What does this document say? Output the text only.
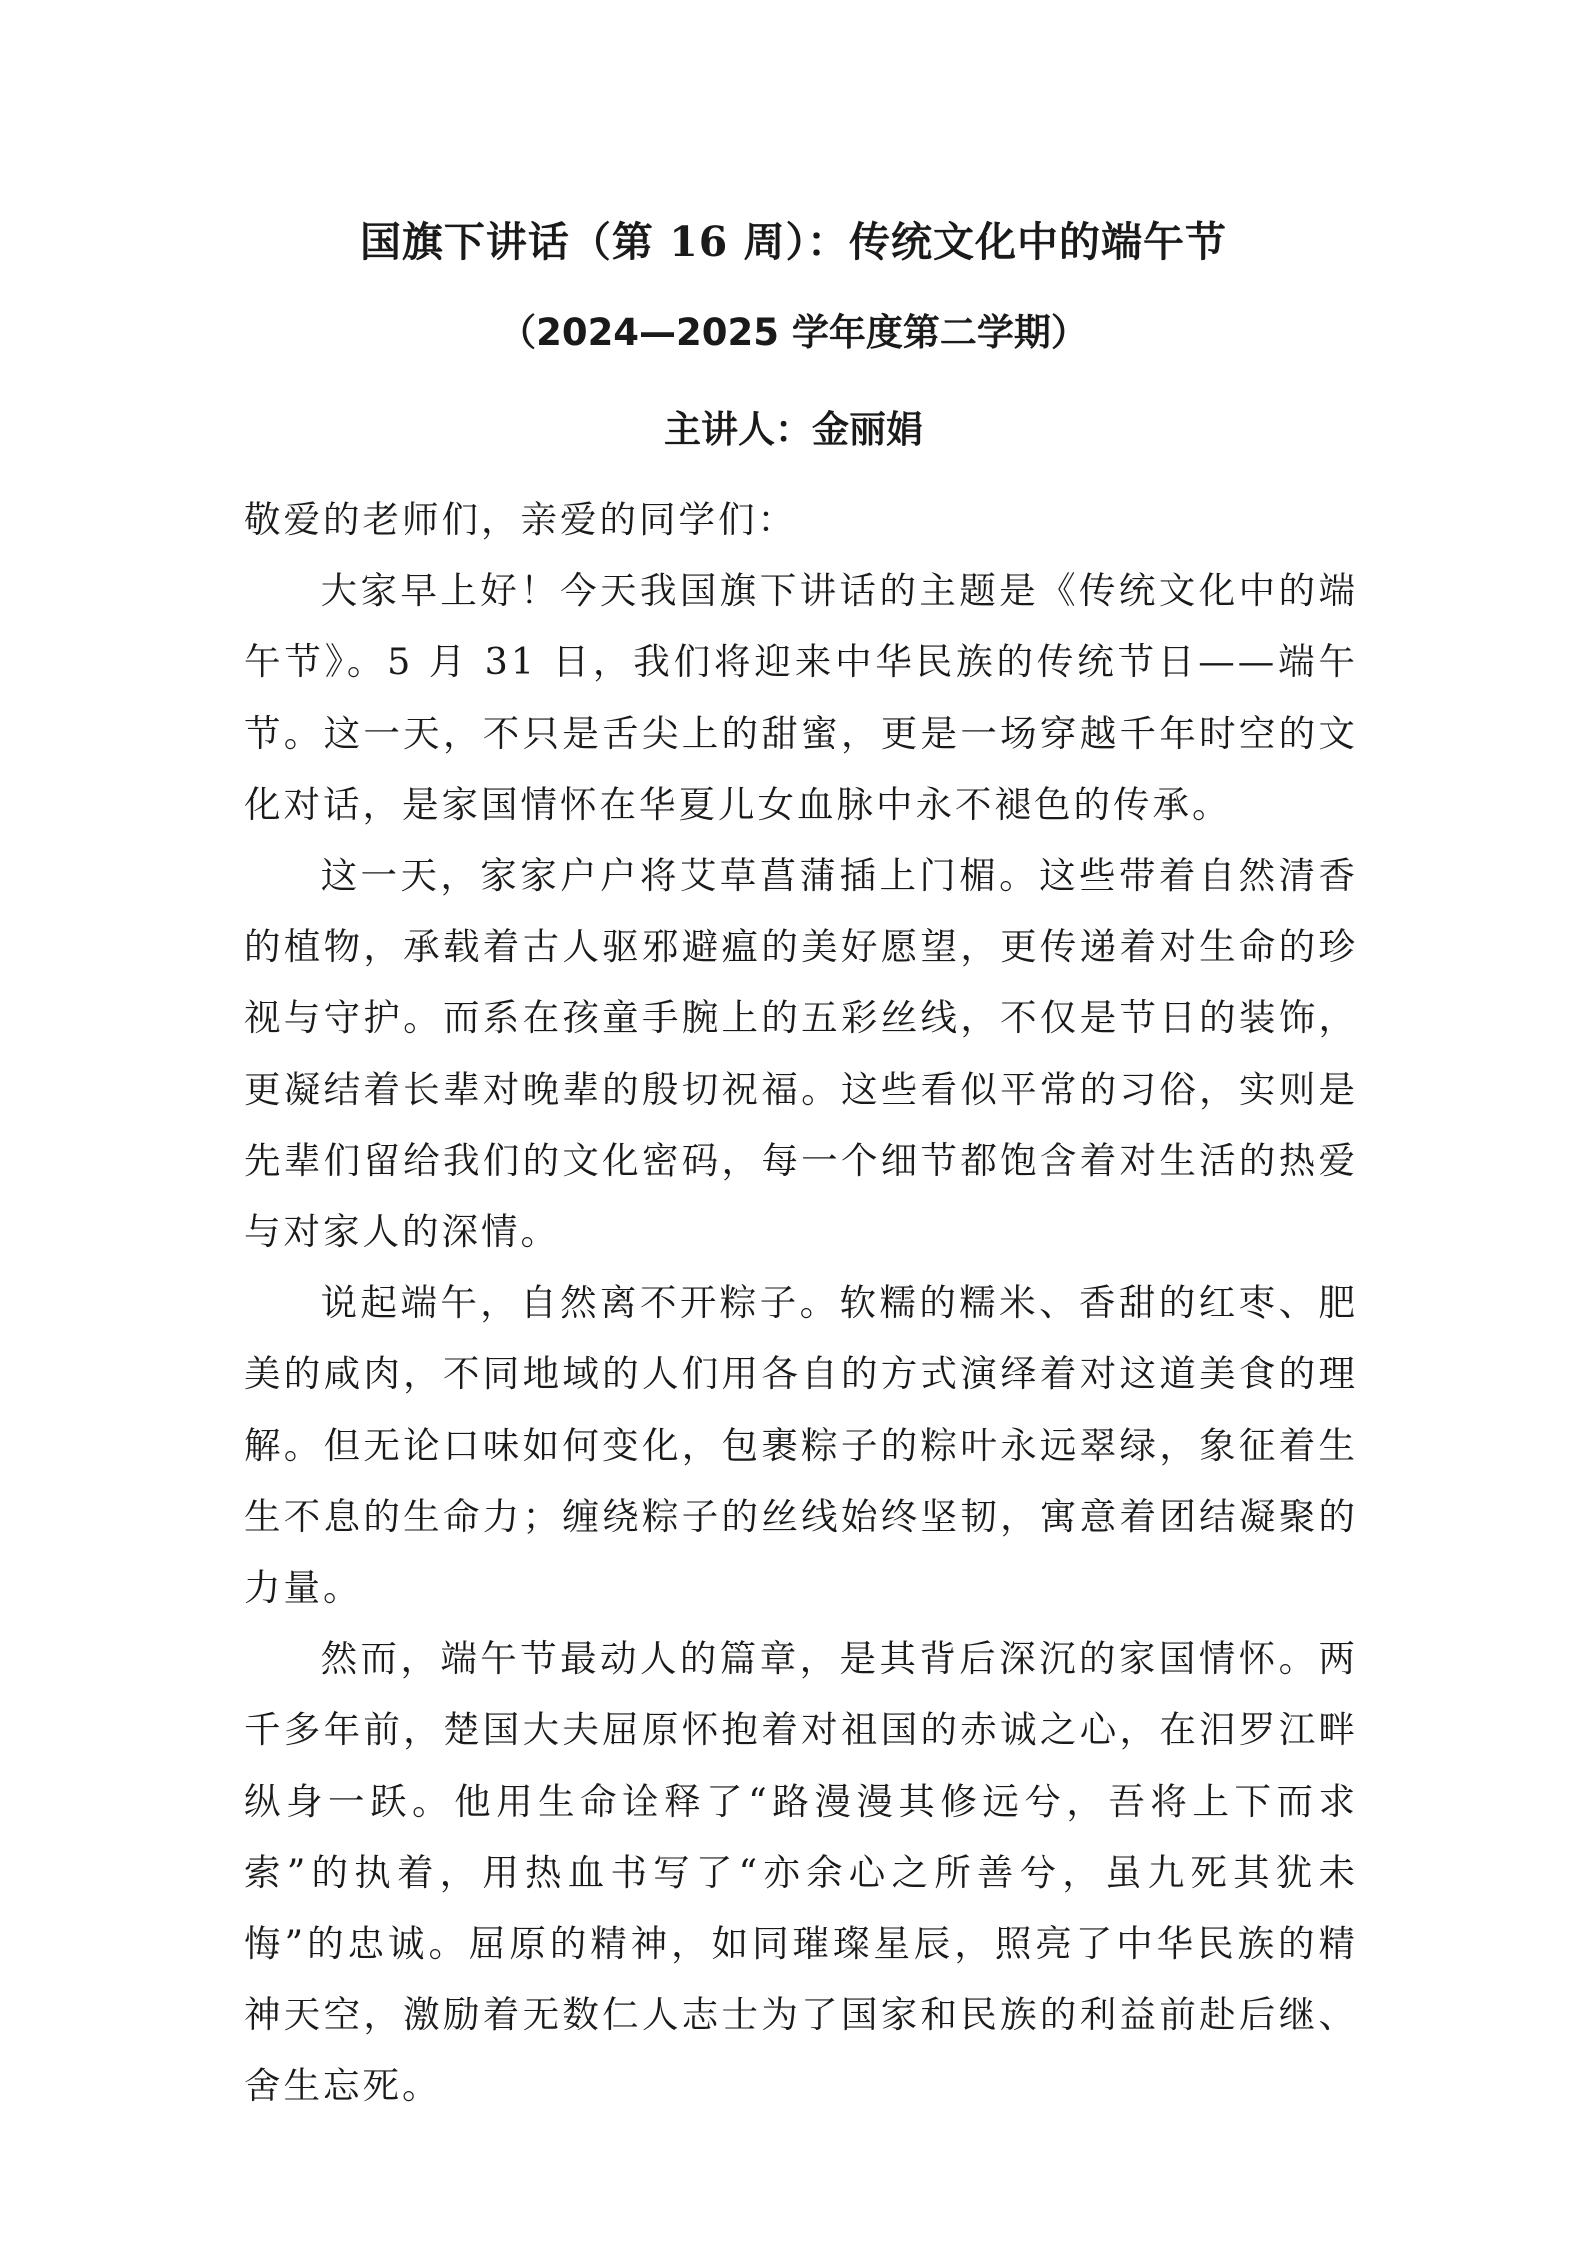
国旗下讲话（第 16 周）：传统文化中的端午节
（2024—2025 学年度第二学期）
主讲人：金丽娟

敬爱的老师们，亲爱的同学们：

大家早上好！今天我国旗下讲话的主题是《传统文化中的端午节》。5 月 31 日，我们将迎来中华民族的传统节日——端午节。这一天，不只是舌尖上的甜蜜，更是一场穿越千年时空的文化对话，是家国情怀在华夏儿女血脉中永不褪色的传承。

这一天，家家户户将艾草菖蒲插上门楣。这些带着自然清香的植物，承载着古人驱邪避瘟的美好愿望，更传递着对生命的珍视与守护。而系在孩童手腕上的五彩丝线，不仅是节日的装饰，更凝结着长辈对晚辈的殷切祝福。这些看似平常的习俗，实则是先辈们留给我们的文化密码，每一个细节都饱含着对生活的热爱与对家人的深情。

说起端午，自然离不开粽子。软糯的糯米、香甜的红枣、肥美的咸肉，不同地域的人们用各自的方式演绎着对这道美食的理解。但无论口味如何变化，包裹粽子的粽叶永远翠绿，象征着生生不息的生命力；缠绕粽子的丝线始终坚韧，寓意着团结凝聚的力量。

然而，端午节最动人的篇章，是其背后深沉的家国情怀。两千多年前，楚国大夫屈原怀抱着对祖国的赤诚之心，在汨罗江畔纵身一跃。他用生命诠释了“路漫漫其修远兮，吾将上下而求索”的执着，用热血书写了“亦余心之所善兮，虽九死其犹未悔”的忠诚。屈原的精神，如同璀璨星辰，照亮了中华民族的精神天空，激励着无数仁人志士为了国家和民族的利益前赴后继、舍生忘死。
